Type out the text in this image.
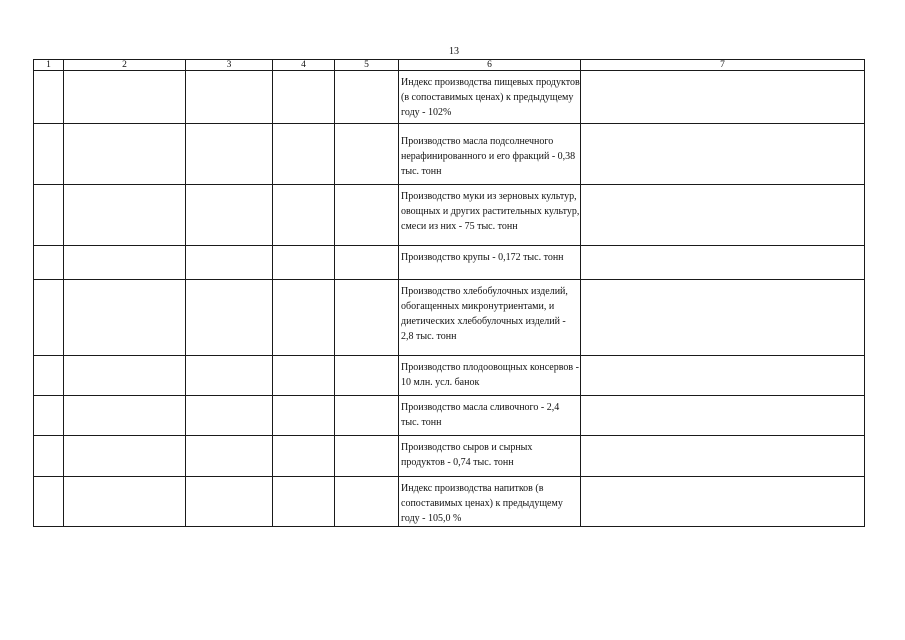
13
1	2	3	4	5	6	7

					Индекс производства пищевых продуктов (в сопоставимых ценах) к предыдущему году - 102%	

					Производство масла подсолнечного нерафинированного и его фракций - 0,38 тыс. тонн	

					Производство муки из зерновых культур, овощных и других растительных культур, смеси из них - 75 тыс. тонн	

					Производство крупы - 0,172 тыс. тонн	

					Производство хлебобулочных изделий, обогащенных микронутриентами, и диетических хлебобулочных изделий - 2,8 тыс. тонн	

					Производство плодоовощных консервов - 10 млн. усл. банок	

					Производство масла сливочного - 2,4 тыс. тонн	

					Производство сыров и сырных продуктов - 0,74 тыс. тонн	

					Индекс производства напитков (в сопоставимых ценах) к предыдущему году - 105,0 %	
